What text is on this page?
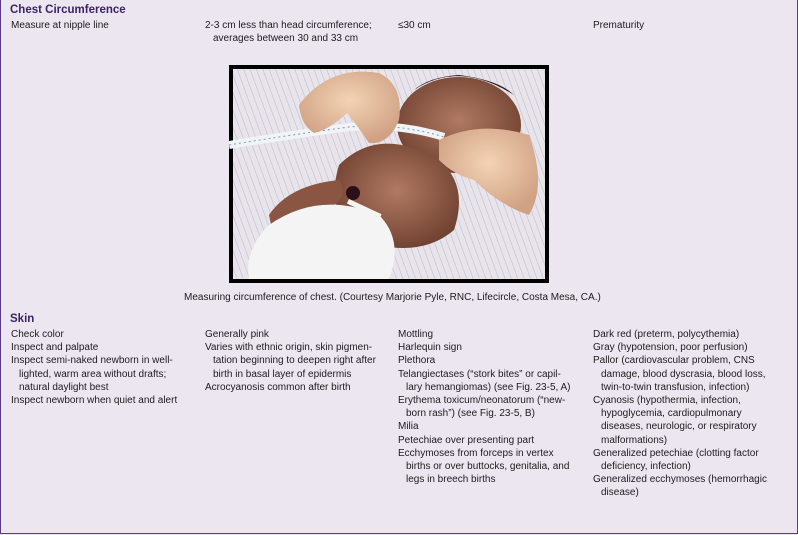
Chest Circumference
Measure at nipple line	2-3 cm less than head circumference;
averages between 30 and 33 cm
≤30 cm	Prematurity
Measuring circumference of chest. (Courtesy Marjorie Pyle, RNC, Lifecircle, Costa Mesa, CA.)
Skin
Check color
Inspect and palpate
Inspect semi-naked newborn in well-
lighted, warm area without drafts;
natural daylight best
Inspect newborn when quiet and alert
Generally pink
Varies with ethnic origin, skin pigmen-
tation beginning to deepen right after
birth in basal layer of epidermis
Acrocyanosis common after birth
Mottling
Harlequin sign
Plethora
Telangiectases (“stork bites” or capil-
lary hemangiomas) (see Fig. 23-5, A)
Erythema toxicum/neonatorum (“new-
born rash”) (see Fig. 23-5, B)
Milia
Petechiae over presenting part
Ecchymoses from forceps in vertex
births or over buttocks, genitalia, and
legs in breech births
Dark red (preterm, polycythemia)
Gray (hypotension, poor perfusion)
Pallor (cardiovascular problem, CNS
damage, blood dyscrasia, blood loss,
twin-to-twin transfusion, infection)
Cyanosis (hypothermia, infection,
hypoglycemia, cardiopulmonary
diseases, neurologic, or respiratory
malformations)
Generalized petechiae (clotting factor
deficiency, infection)
Generalized ecchymoses (hemorrhagic
disease)
